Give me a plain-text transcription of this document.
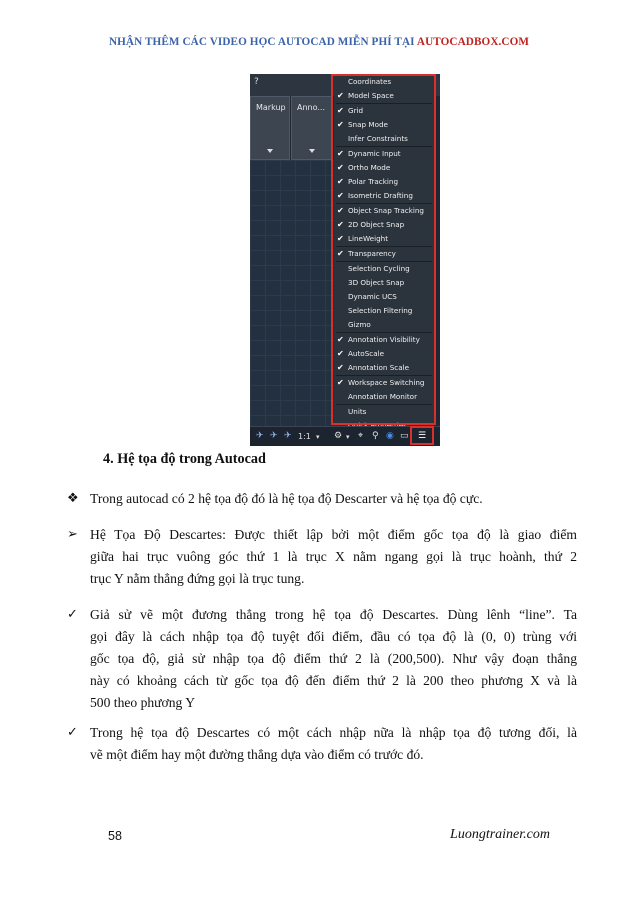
NHẬN THÊM CÁC VIDEO HỌC AUTOCAD MIỄN PHÍ TẠI AUTOCADBOX.COM
?
Markup Anno...
Coordinates
✔ Model Space
✔ Grid
✔ Snap Mode
Infer Constraints
✔ Dynamic Input
✔ Ortho Mode
✔ Polar Tracking
✔ Isometric Drafting
✔ Object Snap Tracking
✔ 2D Object Snap
✔ LineWeight
✔ Transparency
Selection Cycling
3D Object Snap
Dynamic UCS
Selection Filtering
Gizmo
✔ Annotation Visibility
✔ AutoScale
✔ Annotation Scale
✔ Workspace Switching
Annotation Monitor
Units
✈ ✈ ✈ 1:1 ▾ ⚙ ▾ ⌖ ⚲ ◉ ▭ ☰
4. Hệ tọa độ trong Autocad
❖ Trong autocad có 2 hệ tọa độ đó là hệ tọa độ Descarter và hệ tọa độ cực.
➢ Hệ Tọa Độ Descartes: Được thiết lập bởi một điểm gốc tọa độ là giao điểm
giữa hai trục vuông góc thứ 1 là trục X nằm ngang gọi là trục hoành, thứ 2
trục Y nằm thẳng đứng gọi là trục tung.
✓ Giả sử vẽ một đương thẳng trong hệ tọa độ Descartes. Dùng lênh “line”. Ta
gọi đây là cách nhập tọa độ tuyệt đối điểm, đầu có tọa độ là (0, 0) trùng với
gốc tọa độ, giả sử nhập tọa độ điểm thứ 2 là (200,500). Như vậy đoạn thẳng
này có khoảng cách từ gốc tọa độ đến điểm thứ 2 là 200 theo phương X và là
500 theo phương Y
✓ Trong hệ tọa độ Descartes có một cách nhập nữa là nhập tọa độ tương đối, là
vẽ một điểm hay một đường thẳng dựa vào điểm có trước đó.
58	Luongtrainer.com
